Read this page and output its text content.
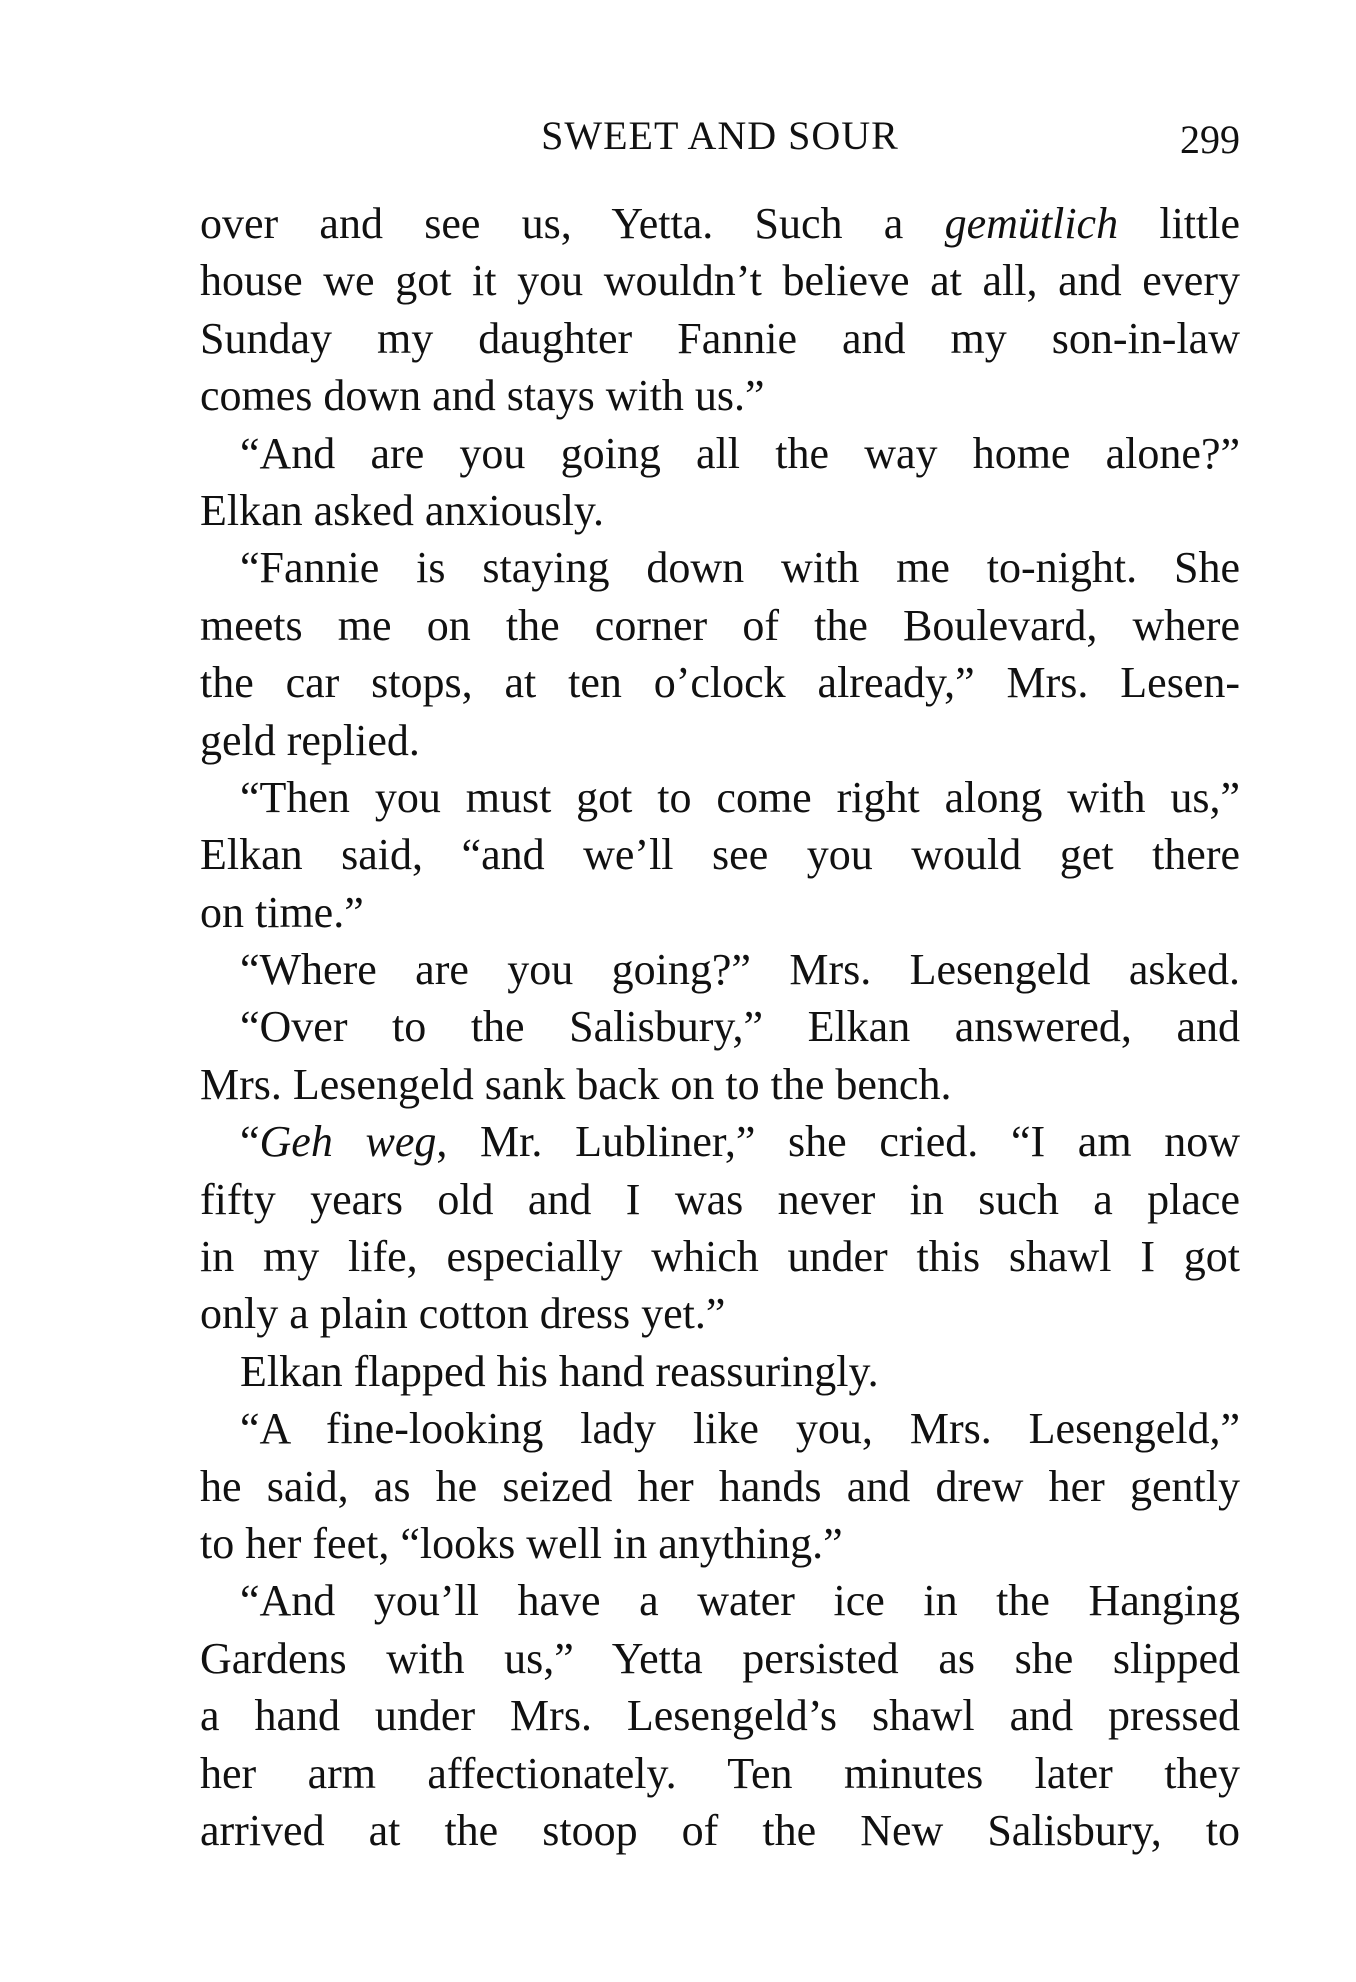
SWEET AND SOUR	299
over and see us, Yetta. Such a gemütlich little
house we got it you wouldn’t believe at all, and every
Sunday my daughter Fannie and my son-in-law
comes down and stays with us.”
“And are you going all the way home alone?”
Elkan asked anxiously.
“Fannie is staying down with me to-night. She
meets me on the corner of the Boulevard, where
the car stops, at ten o’clock already,” Mrs. Lesen-
geld replied.
“Then you must got to come right along with us,”
Elkan said, “and we’ll see you would get there
on time.”
“Where are you going?” Mrs. Lesengeld asked.
“Over to the Salisbury,” Elkan answered, and
Mrs. Lesengeld sank back on to the bench.
“Geh weg, Mr. Lubliner,” she cried. “I am now
fifty years old and I was never in such a place
in my life, especially which under this shawl I got
only a plain cotton dress yet.”
Elkan flapped his hand reassuringly.
“A fine-looking lady like you, Mrs. Lesengeld,”
he said, as he seized her hands and drew her gently
to her feet, “looks well in anything.”
“And you’ll have a water ice in the Hanging
Gardens with us,” Yetta persisted as she slipped
a hand under Mrs. Lesengeld’s shawl and pressed
her arm affectionately. Ten minutes later they
arrived at the stoop of the New Salisbury, to
